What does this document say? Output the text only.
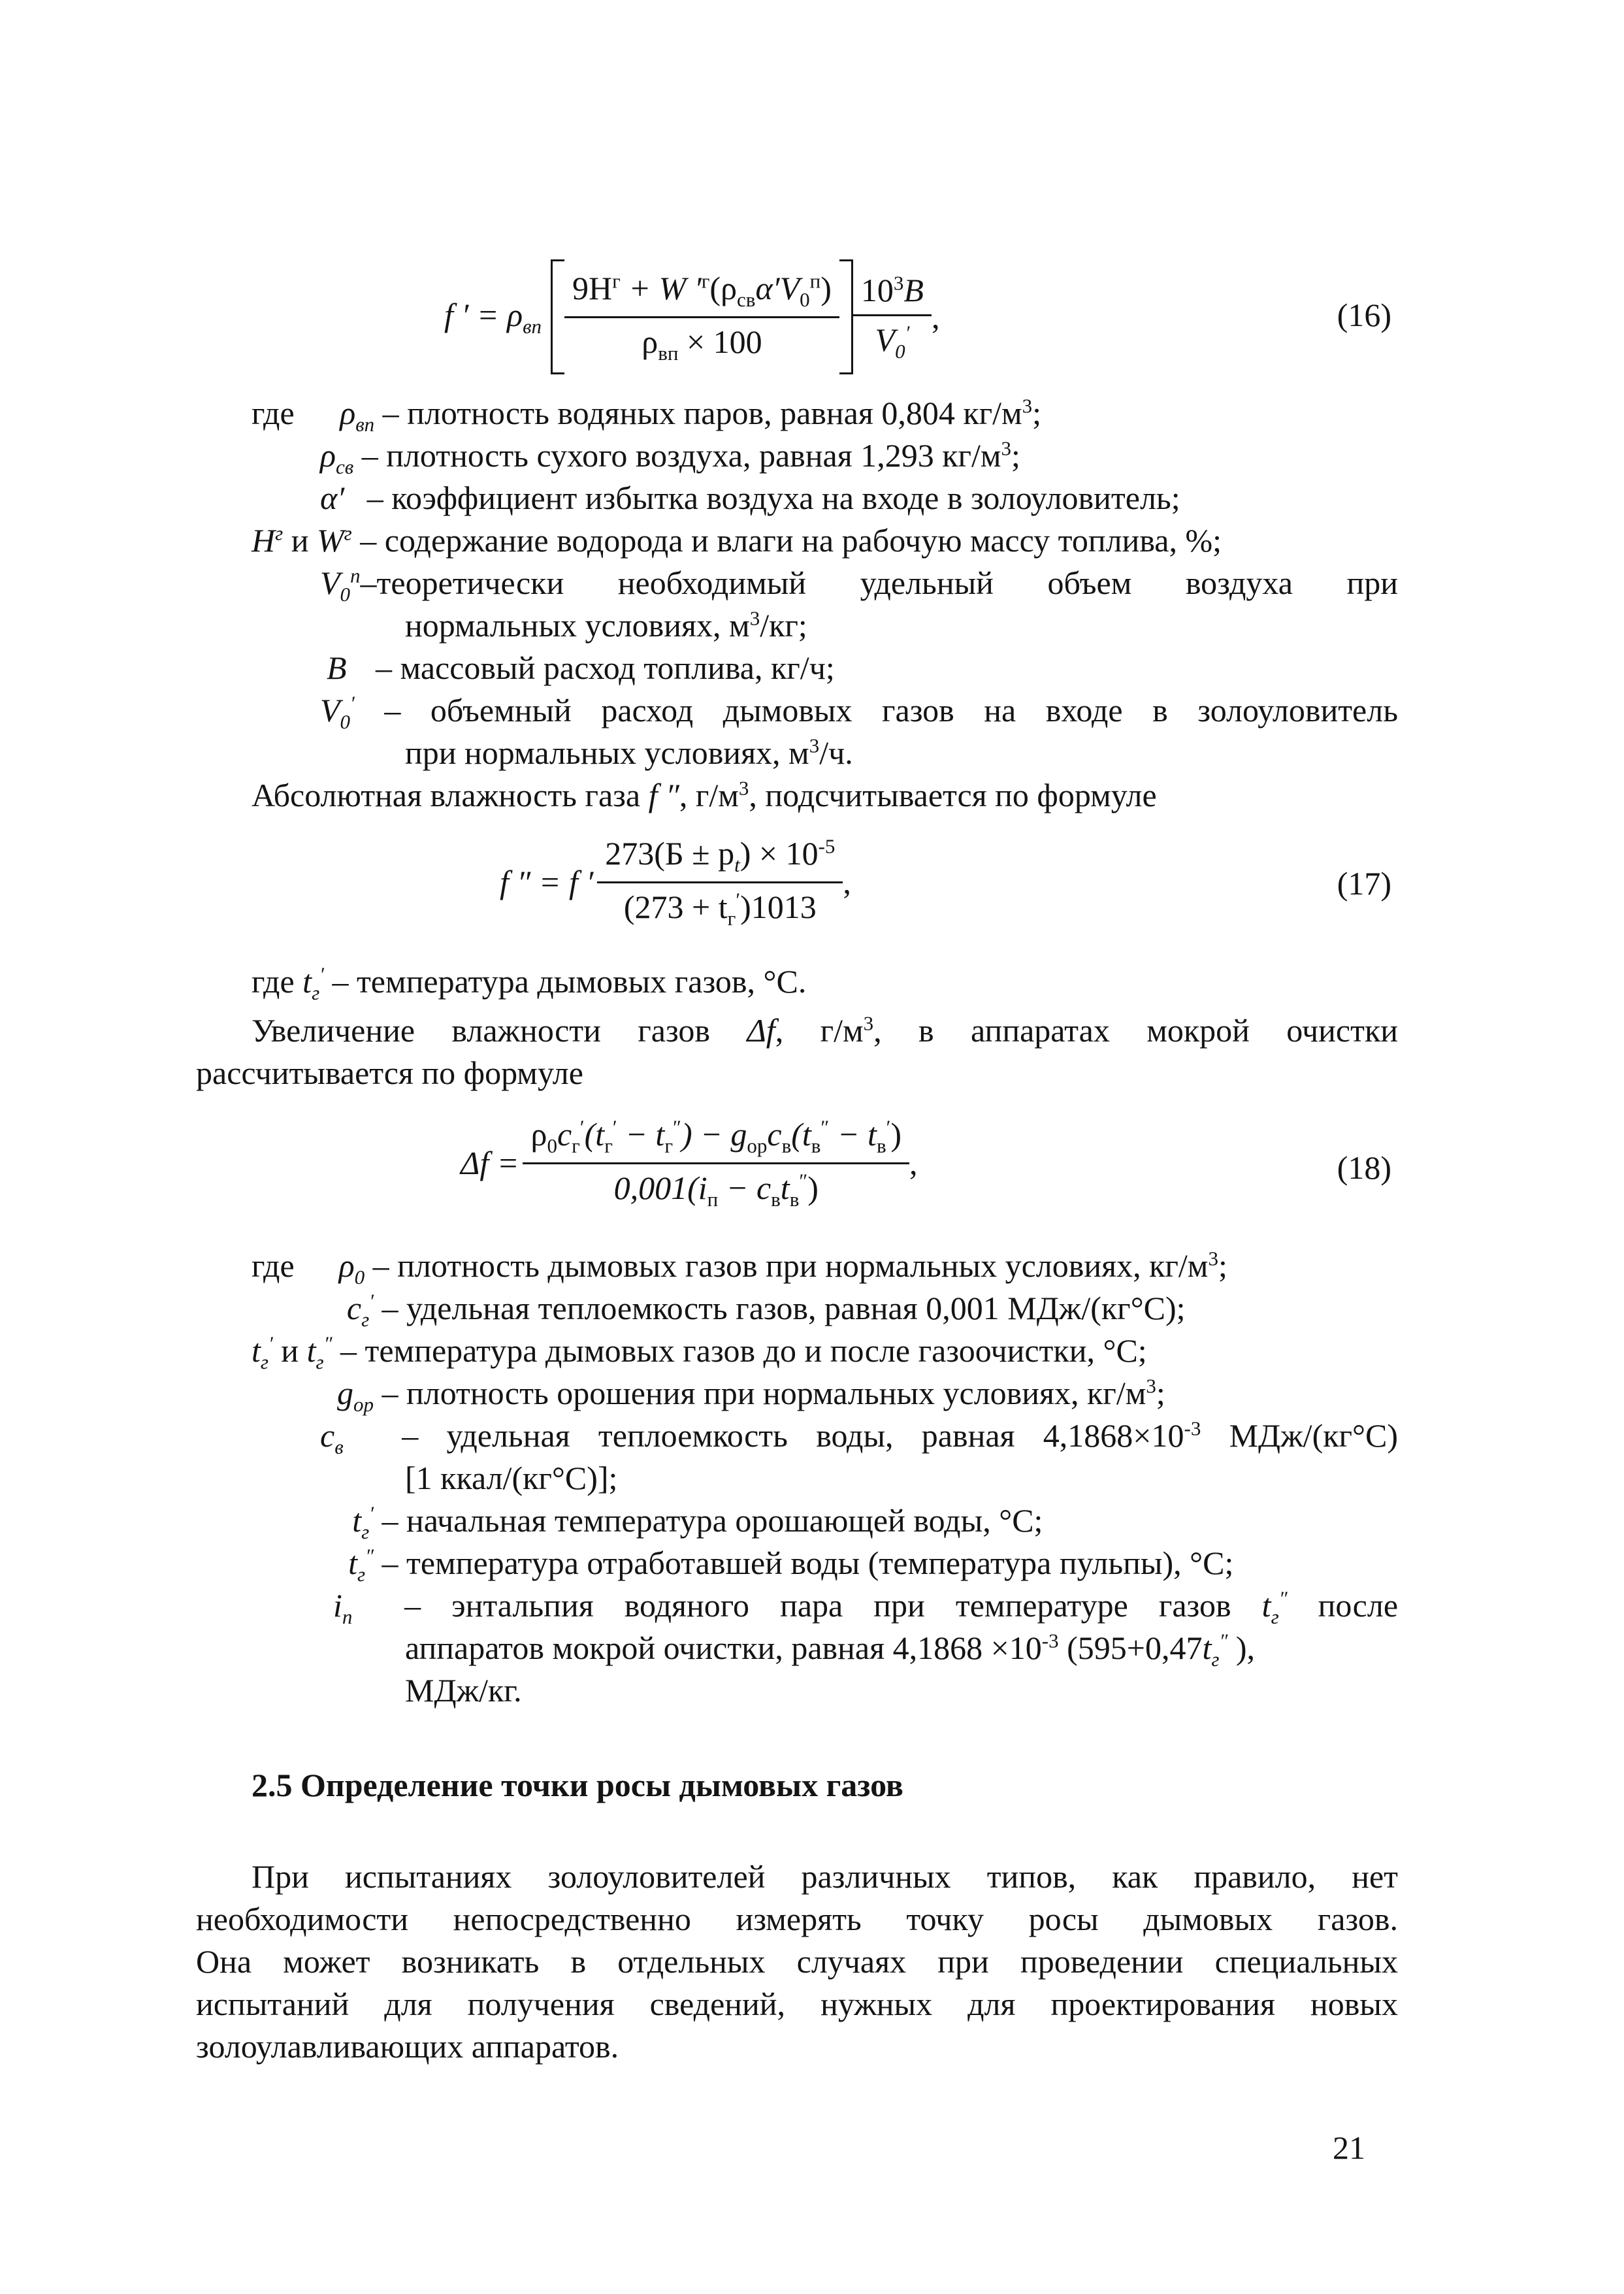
f ′ = $\rho_{вп} \frac{9Н^г + W '^г(\rho_{св}\alpha'V_0^п)}{\rho_{вп} \times 100} \frac{10^3B}{V_0'}$ ,	(16)
где $\rho_{вп}$ – плотность водяных паров, равная 0,804 $кг/м^3$;
$\rho_{св}$ – плотность сухого воздуха, равная 1,293 $кг/м^3$;
α′ – коэффициент избытка воздуха на входе в золоуловитель;
$Н^г$ и $W^г$ – содержание водорода и влаги на рабочую массу топлива, %;
$V_0^п$–теоретически необходимый удельный объем воздуха при
нормальных условиях, $м^3/кг$;
B – массовый расход топлива, кг/ч;
$V_0'$ – объемный расход дымовых газов на входе в золоуловитель
при нормальных условиях, $м^3/ч$.
Абсолютная влажность газа f ″, $г/м^3$, подсчитывается по формуле
f ″ = f ′ $\frac{273(Б \pm p_t) \times 10^{-5}}{(273 + t_г')1013}$ ,	(17)
где $t_г'$ – температура дымовых газов, °С.
Увеличение влажности газов Δf, $г/м^3$, в аппаратах мокрой очистки
рассчитывается по формуле
$\Delta f = \frac{\rho_0c_г'(t_г' - t_г'') - g_{ор}c_в(t_в'' - t_в')}{0,001(i_п - c_вt_в'')}$ ,	(18)
где $\rho_0$ – плотность дымовых газов при нормальных условиях, $кг/м^3$;
$c_г'$ – удельная теплоемкость газов, равная 0,001 МДж/(кг°С);
$t_г'$ и $t_г''$ – температура дымовых газов до и после газоочистки, °С;
$g_{ор}$ – плотность орошения при нормальных условиях, $кг/м^3$;
$c_в$ – удельная теплоемкость воды, равная $4,1868\times 10^{-3}$ МДж/(кг°С)
[1 ккал/(кг°С)];
$t_г'$ – начальная температура орошающей воды, °С;
$t_г''$ – температура отработавшей воды (температура пульпы), °С;
$i_п$ – энтальпия водяного пара при температуре газов $t_г''$ после
аппаратов мокрой очистки, равная $4,1868 \times 10^{-3}$ ($595+0,47t_г''$ ),
МДж/кг.
2.5 Определение точки росы дымовых газов
При испытаниях золоуловителей различных типов, как правило, нет
необходимости непосредственно измерять точку росы дымовых газов.
Она может возникать в отдельных случаях при проведении специальных
испытаний для получения сведений, нужных для проектирования новых
золоулавливающих аппаратов.
21
